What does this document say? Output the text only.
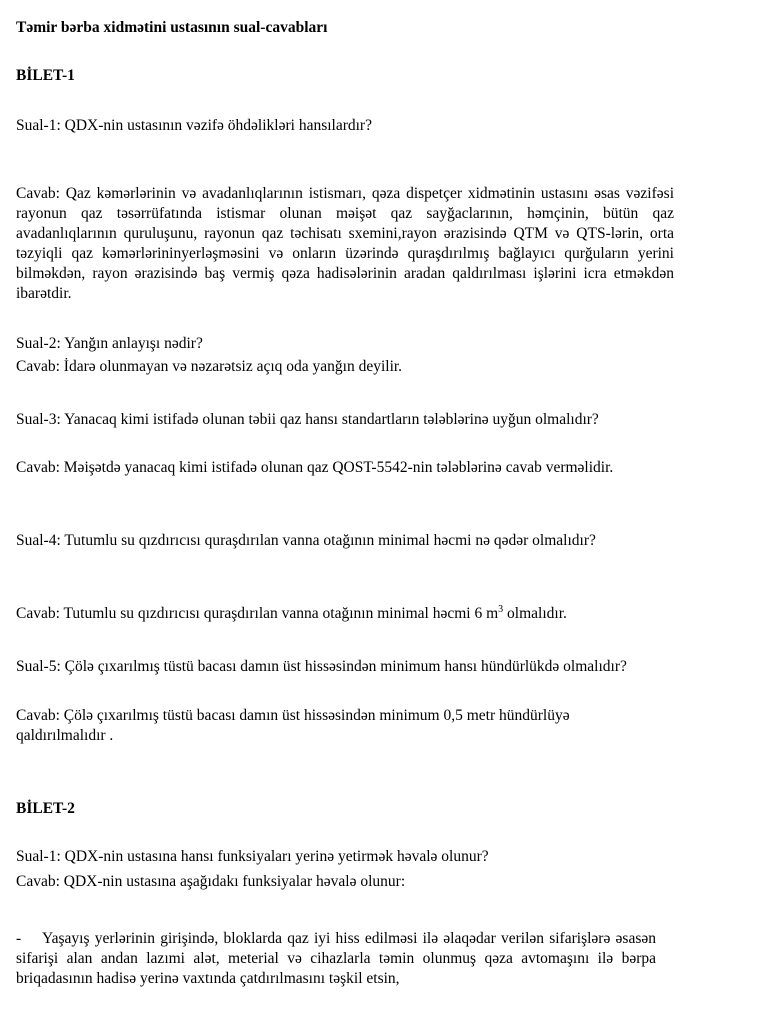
Təmir bərba xidmətini ustasının sual-cavabları

BİLET-1

Sual-1: QDX-nin ustasının vəzifə öhdəlikləri hansılardır?

Cavab: Qaz kəmərlərinin və avadanlıqlarının istismarı, qəza dispetçer xidmətinin ustasını əsas vəzifəsi rayonun qaz təsərrüfatında istismar olunan məişət qaz sayğaclarının, həmçinin, bütün qaz avadanlıqlarının quruluşunu, rayonun qaz təchisatı sxemini,rayon ərazisində QTM və QTS-lərin, orta təzyiqli qaz kəmərlərininyerləşməsini və onların üzərində quraşdırılmış bağlayıcı qurğuların yerini bilməkdən, rayon ərazisində baş vermiş qəza hadisələrinin aradan qaldırılması işlərini icra etməkdən ibarətdir.

Sual-2: Yanğın anlayışı nədir?

Cavab: İdarə olunmayan və nəzarətsiz açıq oda yanğın deyilir.

Sual-3: Yanacaq kimi istifadə olunan təbii qaz hansı standartların tələblərinə uyğun olmalıdır?

Cavab: Məişətdə yanacaq kimi istifadə olunan qaz QOST-5542-nin tələblərinə cavab verməlidir.

Sual-4: Tutumlu su qızdırıcısı quraşdırılan vanna otağının minimal həcmi nə qədər olmalıdır?

Cavab: Tutumlu su qızdırıcısı quraşdırılan vanna otağının minimal həcmi 6 $m^3$ olmalıdır.

Sual-5: Çölə çıxarılmış tüstü bacası damın üst hissəsindən minimum hansı hündürlükdə olmalıdır?

Cavab: Çölə çıxarılmış tüstü bacası damın üst hissəsindən minimum 0,5 metr hündürlüyə qaldırılmalıdır .

BİLET-2

Sual-1: QDX-nin ustasına hansı funksiyaları yerinə yetirmək həvalə olunur?

Cavab: QDX-nin ustasına aşağıdakı funksiyalar həvalə olunur:

- Yaşayış yerlərinin girişində, bloklarda qaz iyi hiss edilməsi ilə əlaqədar verilən sifarişlərə əsasən sifarişi alan andan lazımi alət, meterial və cihazlarla təmin olunmuş qəza avtomaşını ilə bərpa briqadasının hadisə yerinə vaxtında çatdırılmasını təşkil etsin,
